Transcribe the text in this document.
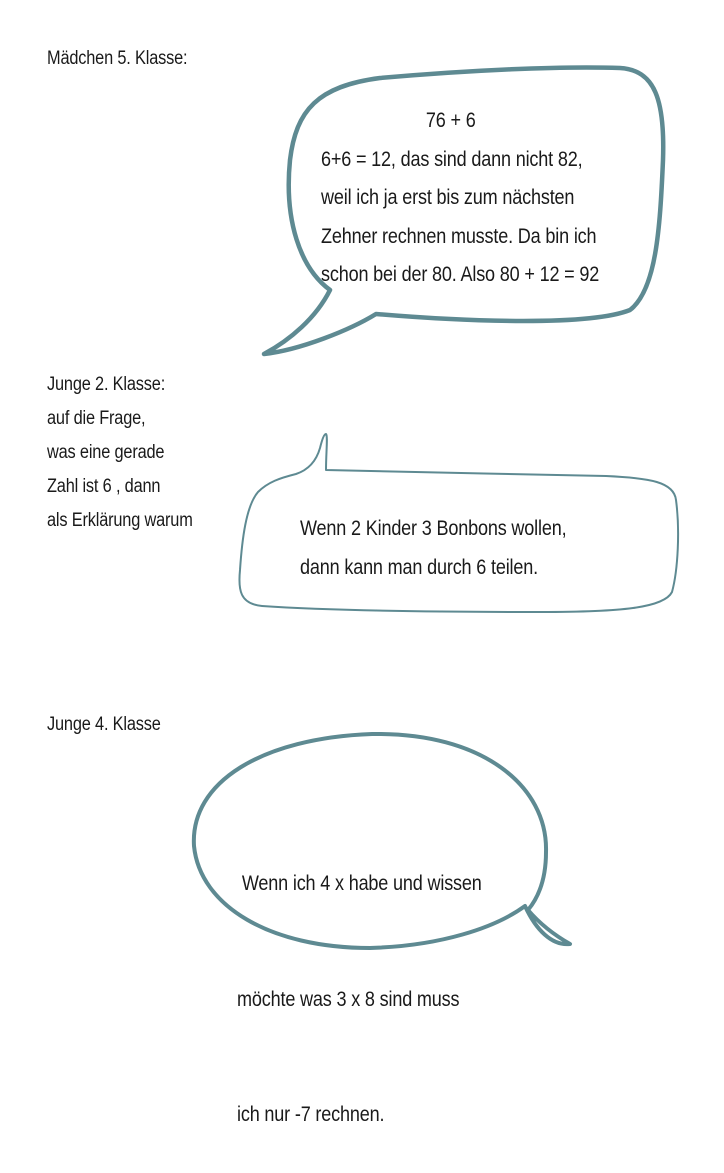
Mädchen 5. Klasse:
76 + 6
6+6 = 12, das sind dann nicht 82,
weil ich ja erst bis zum nächsten
Zehner rechnen musste. Da bin ich
schon bei der 80. Also 80 + 12 = 92
Junge 2. Klasse:
auf die Frage,
was eine gerade
Zahl ist 6 , dann
als Erklärung warum	Wenn 2 Kinder 3 Bonbons wollen,
dann kann man durch 6 teilen.
Junge 4. Klasse

Wenn ich 4 x habe und wissen

möchte was 3 x 8 sind muss

ich nur -7 rechnen.
